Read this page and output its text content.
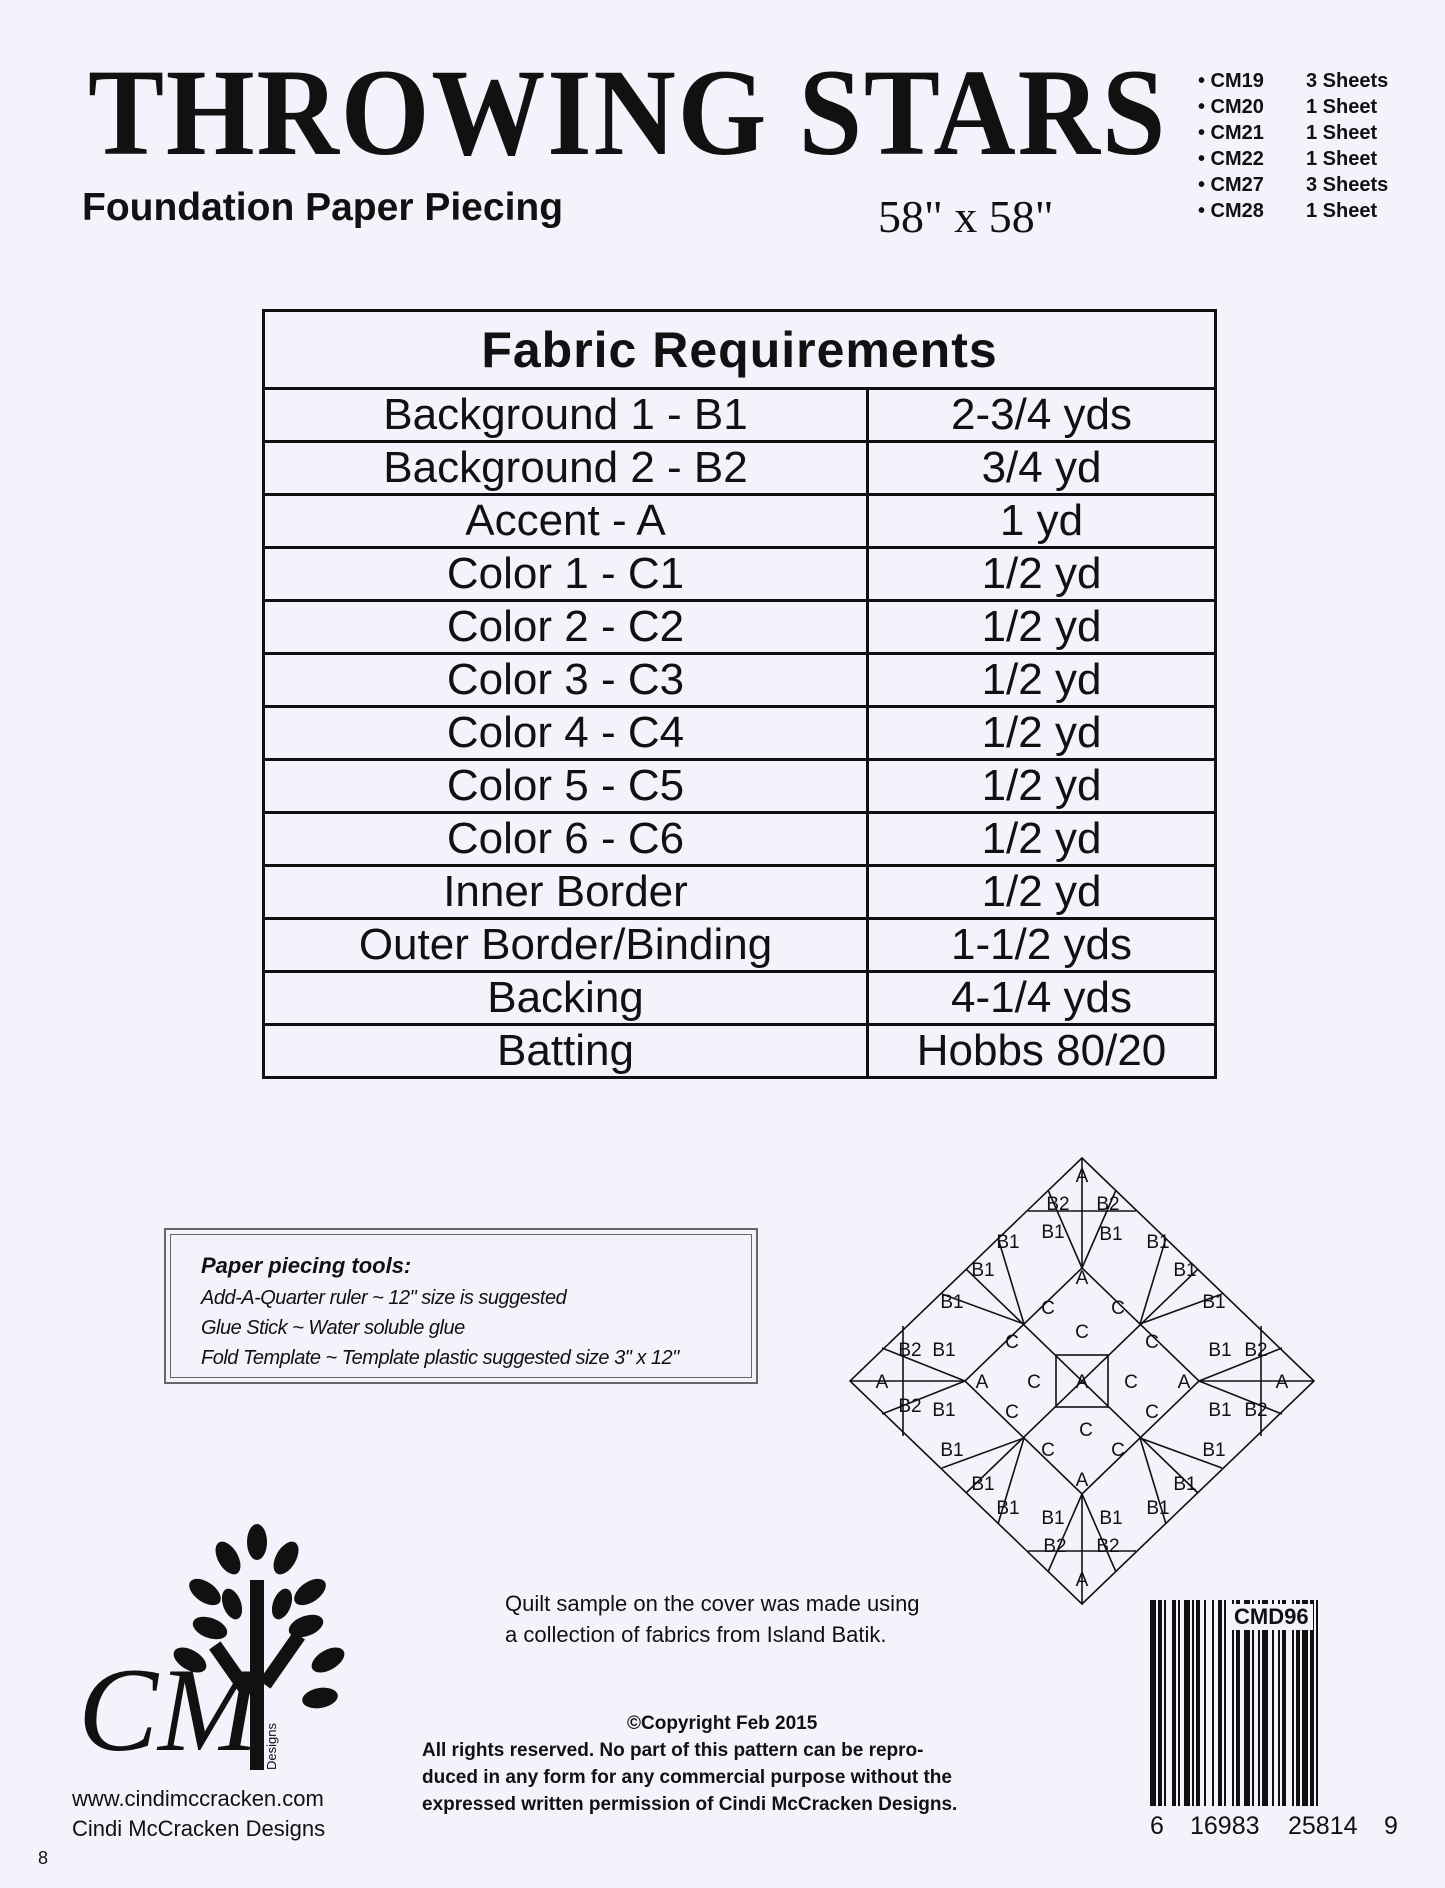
THROWING STARS
Foundation Paper Piecing	58" x 58"
• CM19	3 Sheets
• CM20	1 Sheet
• CM21	1 Sheet
• CM22	1 Sheet
• CM27	3 Sheets
• CM28	1 Sheet
Fabric Requirements	
Background 1 - B1	2-3/4 yds
Background 2 - B2	3/4 yd
Accent - A	1 yd
Color 1 - C1	1/2 yd
Color 2 - C2	1/2 yd
Color 3 - C3	1/2 yd
Color 4 - C4	1/2 yd
Color 5 - C5	1/2 yd
Color 6 - C6	1/2 yd
Inner Border	1/2 yd
Outer Border/Binding	1-1/2 yds
Backing	4-1/4 yds
Batting	Hobbs 80/20
Paper piecing tools:
Add-A-Quarter ruler ~ 12" size is suggested
Glue Stick ~ Water soluble glue
Fold Template ~ Template plastic suggested size 3" x 12"
A
B2 B2
B1 B1
B1	B1
A
B1	B1
B1	B1
C	C
C
C	C
B2 B1	B1 B2
A	A C A C A	A
B2 B1	C	C	B1 B2
C
C	C
B1	B1
A
B1	B1
B1	B1
B1 B1
B2 B2
A
Quilt sample on the cover was made using
a collection of fabrics from Island Batik.
©Copyright Feb 2015
All rights reserved. No part of this pattern can be repro-
duced in any form for any commercial purpose without the
expressed written permission of Cindi McCracken Designs.
CM Designs
www.cindimccracken.com
Cindi McCracken Designs
8
CMD96
6 16983 25814 9
